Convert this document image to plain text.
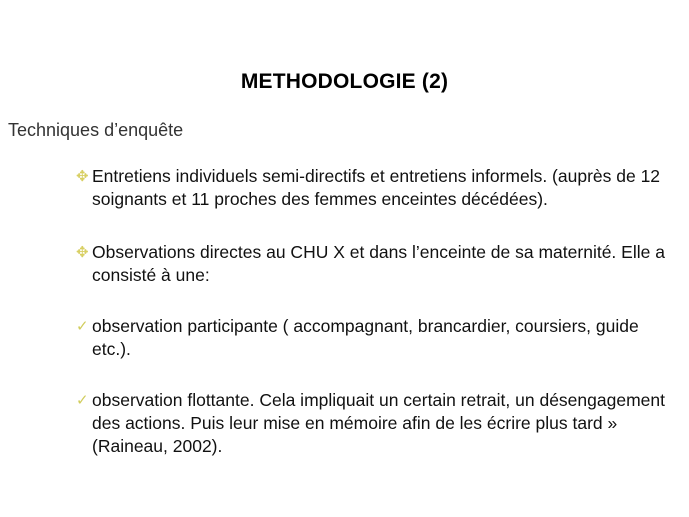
METHODOLOGIE (2)
Techniques d’enquête
✥ Entretiens individuels semi-directifs et entretiens informels. (auprès de 12 soignants et 11 proches des femmes enceintes décédées).
✥ Observations directes au CHU X et dans l’enceinte de sa maternité. Elle a consisté à une:
✓ observation participante ( accompagnant, brancardier, coursiers, guide etc.).
✓ observation flottante. Cela impliquait un certain retrait, un désengagement des actions. Puis leur mise en mémoire afin de les écrire plus tard » (Raineau, 2002).
